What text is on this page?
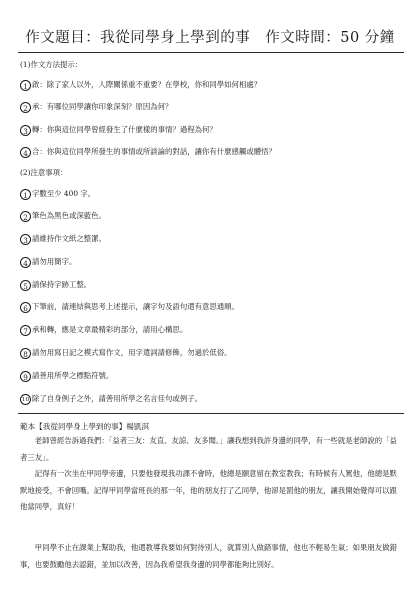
作文題目：我從同學身上學到的事　作文時間：50 分鐘
(1)作文方法提示：
1 啟：除了家人以外，人際關係重不重要？在學校，你和同學如何相處？
2 承：有哪位同學讓你印象深刻？原因為何？
3 轉：你與這位同學曾經發生了什麼樣的事情？過程為何？
4 合：你與這位同學所發生的事情或所談論的對話，讓你有什麼感觸或體悟？
(2)注意事項：
1 字數至少 400 字。
2 筆色為黑色或深藍色。
3 請維持作文紙之整潔。
4 請勿用簡字。
5 請保持字跡工整。
6 下筆前，請連結與思考上述提示，讓字句及語句還有意思通順。
7 承和轉，應是文章最精彩的部分，請用心構思。
8 請勿用寫日記之模式寫作文，用字遣詞請修飾，勿過於低俗。
9 請善用所學之標點符號。
10 除了自身例子之外，請善用所學之名言佳句或例子。
範本【我從同學身上學到的事】楊凱淇
老師曾經告訴過我們：「益者三友：友直、友諒、友多聞。」讓我想到我許身邊的同學，有一些就是老師說的「益者三友」。
記得有一次坐在甲同學旁邊，只要他發現我功課不會時，他總是願意留在教室教我；有時候有人罵他，他總是默默地接受，不會回嘴。記得甲同學當班長的那一年，他的朋友打了乙同學，他卻是罰他的朋友，讓我開始覺得可以跟他當同學，真好！
甲同學不止在課業上幫助我，他還教導我要如何對待別人，就算別人做錯事情，他也不輕易生氣；如果朋友做錯事，也要鼓勵他去認錯，並加以改善，因為我希望我身邊的同學都能夠比別好。
